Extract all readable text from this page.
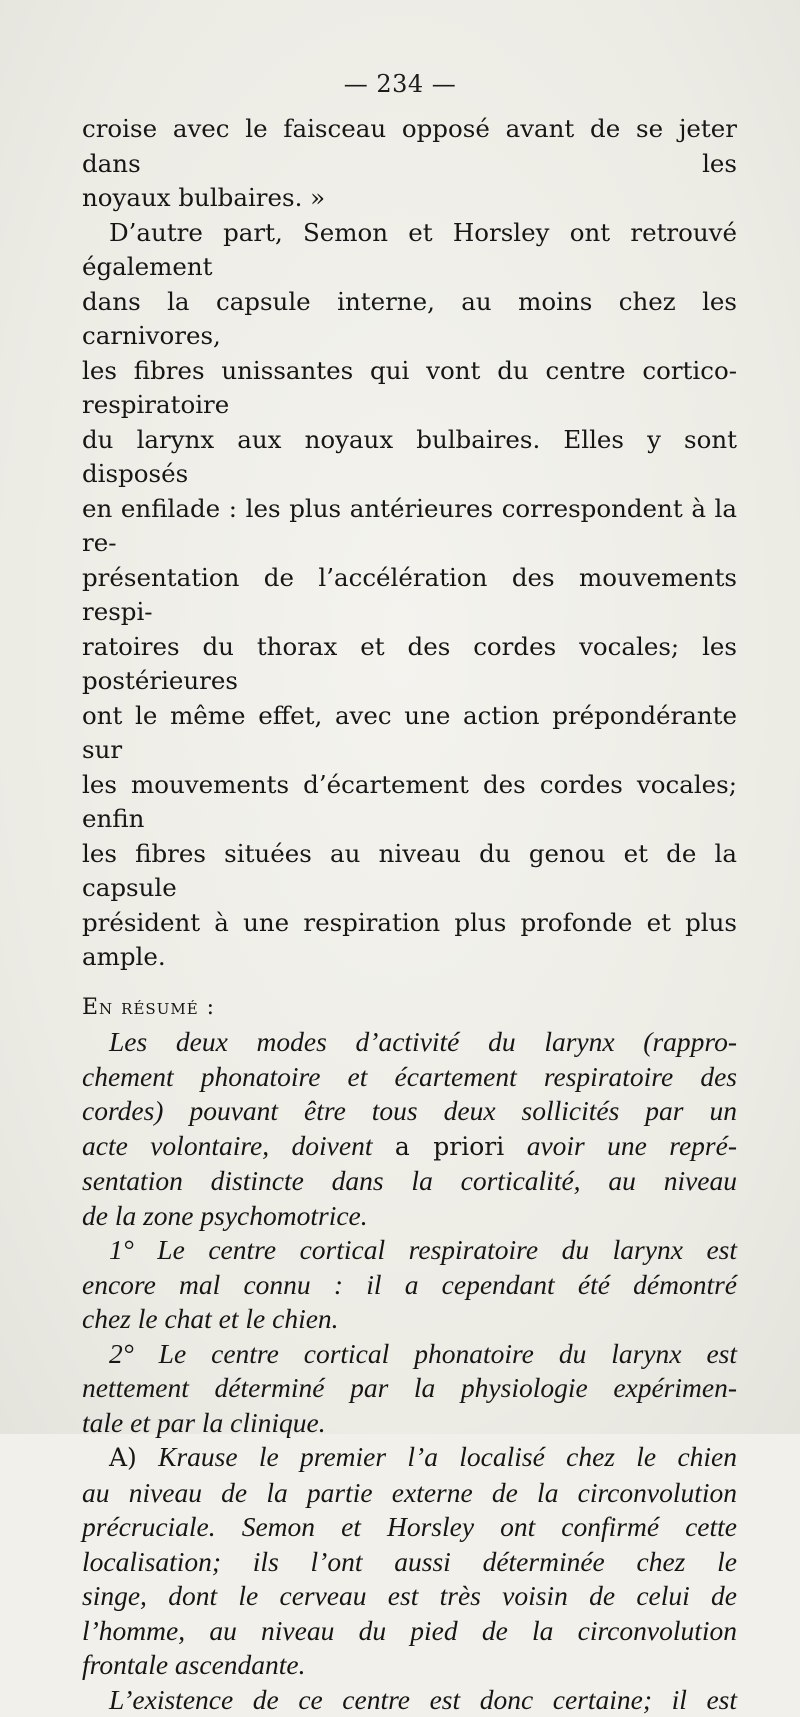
— 234 —

croise avec le faisceau opposé avant de se jeter dans les

noyaux bulbaires. »

D’autre part, Semon et Horsley ont retrouvé également

dans la capsule interne, au moins chez les carnivores,

les fibres unissantes qui vont du centre cortico-respiratoire

du larynx aux noyaux bulbaires. Elles y sont disposés

en enfilade : les plus antérieures correspondent à la re-

présentation de l’accélération des mouvements respi-

ratoires du thorax et des cordes vocales; les postérieures

ont le même effet, avec une action prépondérante sur

les mouvements d’écartement des cordes vocales; enfin

les fibres situées au niveau du genou et de la capsule

président à une respiration plus profonde et plus

ample.

En résumé :

Les deux modes d’activité du larynx (rappro-

chement phonatoire et écartement respiratoire des

cordes) pouvant être tous deux sollicités par un

acte volontaire, doivent a priori avoir une repré-

sentation distincte dans la corticalité, au niveau

de la zone psychomotrice.

1° Le centre cortical respiratoire du larynx est

encore mal connu : il a cependant été démontré

chez le chat et le chien.

2° Le centre cortical phonatoire du larynx est

nettement déterminé par la physiologie expérimen-

tale et par la clinique.

A) Krause le premier l’a localisé chez le chien

au niveau de la partie externe de la circonvolution

précruciale. Semon et Horsley ont confirmé cette

localisation; ils l’ont aussi déterminée chez le

singe, dont le cerveau est très voisin de celui de

l’homme, au niveau du pied de la circonvolution

frontale ascendante.

L’existence de ce centre est donc certaine; il est
